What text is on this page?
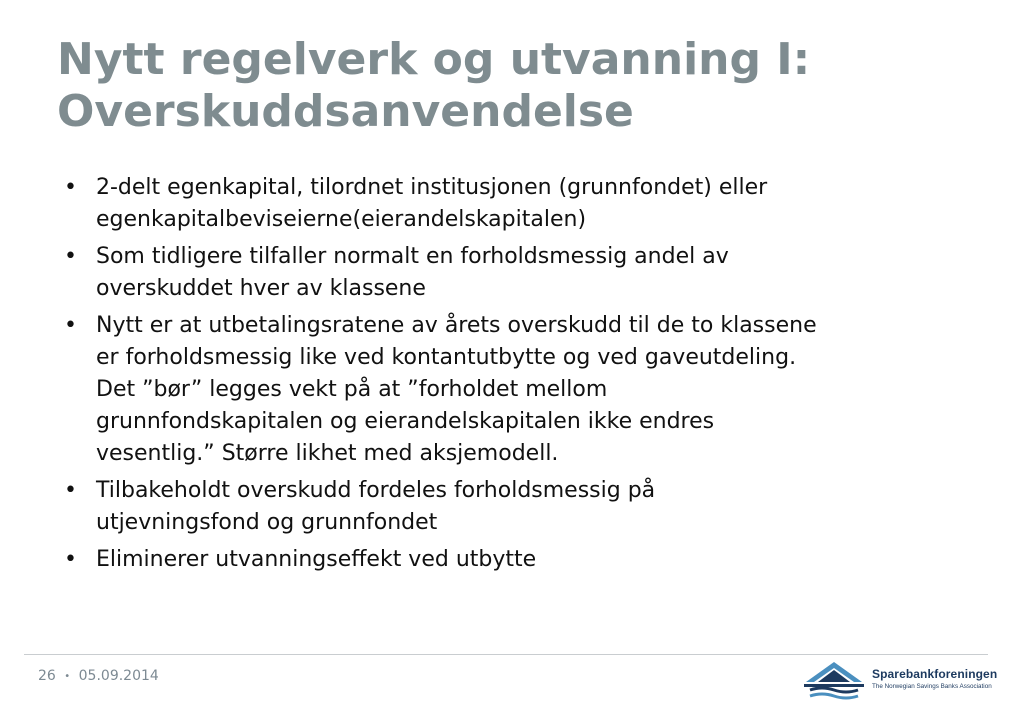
Nytt regelverk og utvanning I:
Overskuddsanvendelse
• 2-delt egenkapital, tilordnet institusjonen (grunnfondet) eller
egenkapitalbeviseierne(eierandelskapitalen)
• Som tidligere tilfaller normalt en forholdsmessig andel av
overskuddet hver av klassene
• Nytt er at utbetalingsratene av årets overskudd til de to klassene
er forholdsmessig like ved kontantutbytte og ved gaveutdeling.
Det ”bør” legges vekt på at ”forholdet mellom
grunnfondskapitalen og eierandelskapitalen ikke endres
vesentlig.” Større likhet med aksjemodell.
• Tilbakeholdt overskudd fordeles forholdsmessig på
utjevningsfond og grunnfondet
• Eliminerer utvanningseffekt ved utbytte
26 • 05.09.2014	Sparebankforeningen
The Norwegian Savings Banks Association
